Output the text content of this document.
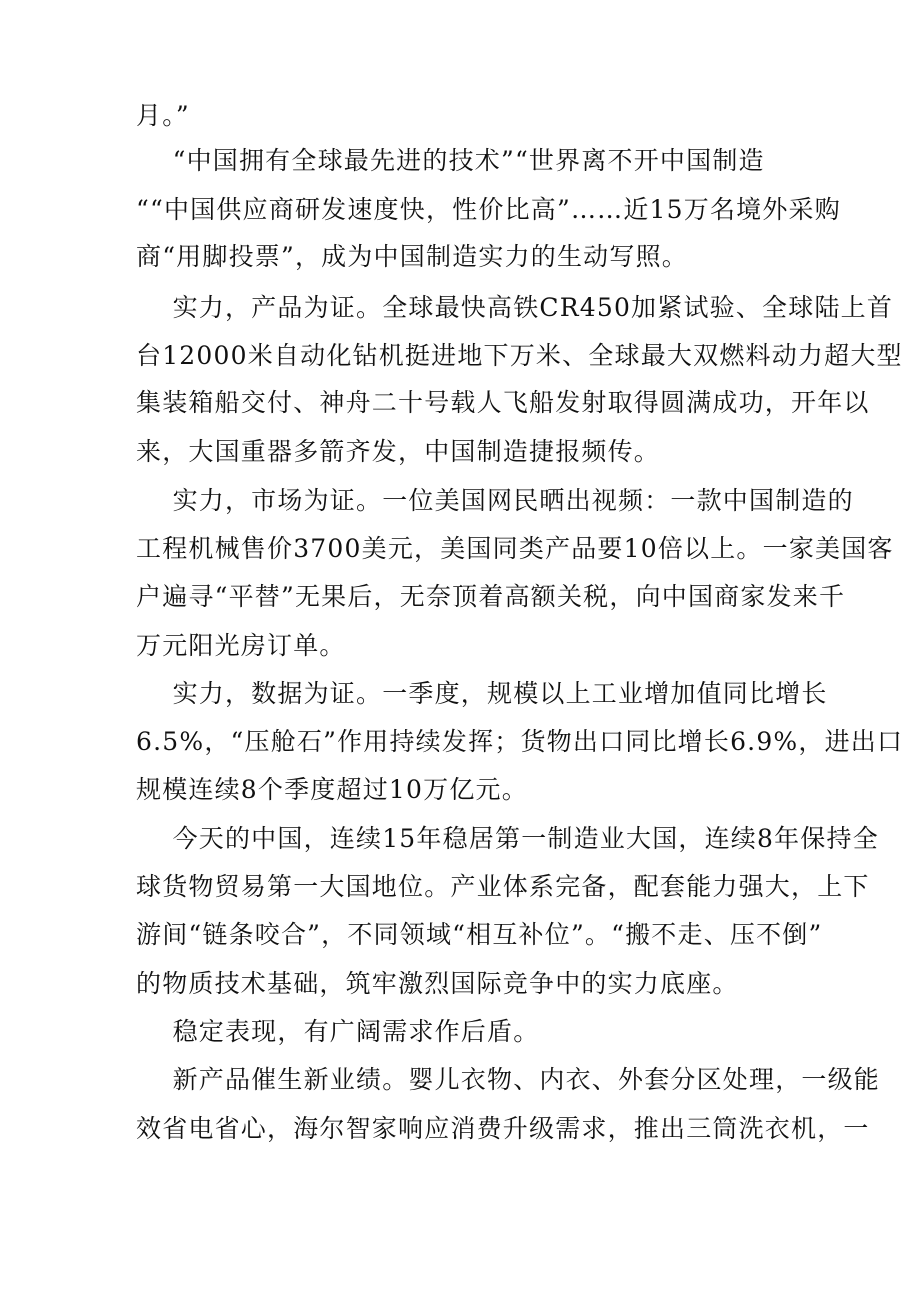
月。”
“中国拥有全球最先进的技术”“世界离不开中国制造
““中国供应商研发速度快，性价比高”……近15万名境外采购
商“用脚投票”，成为中国制造实力的生动写照。
实力，产品为证。全球最快高铁CR450加紧试验、全球陆上首
台12000米自动化钻机挺进地下万米、全球最大双燃料动力超大型
集装箱船交付、神舟二十号载人飞船发射取得圆满成功，开年以
来，大国重器多箭齐发，中国制造捷报频传。
实力，市场为证。一位美国网民晒出视频：一款中国制造的
工程机械售价3700美元，美国同类产品要10倍以上。一家美国客
户遍寻“平替”无果后，无奈顶着高额关税，向中国商家发来千
万元阳光房订单。
实力，数据为证。一季度，规模以上工业增加值同比增长
6.5%，“压舱石”作用持续发挥；货物出口同比增长6.9%，进出口
规模连续8个季度超过10万亿元。
今天的中国，连续15年稳居第一制造业大国，连续8年保持全
球货物贸易第一大国地位。产业体系完备，配套能力强大，上下
游间“链条咬合”，不同领域“相互补位”。“搬不走、压不倒”
的物质技术基础，筑牢激烈国际竞争中的实力底座。
稳定表现，有广阔需求作后盾。
新产品催生新业绩。婴儿衣物、内衣、外套分区处理，一级能
效省电省心，海尔智家响应消费升级需求，推出三筒洗衣机，一
